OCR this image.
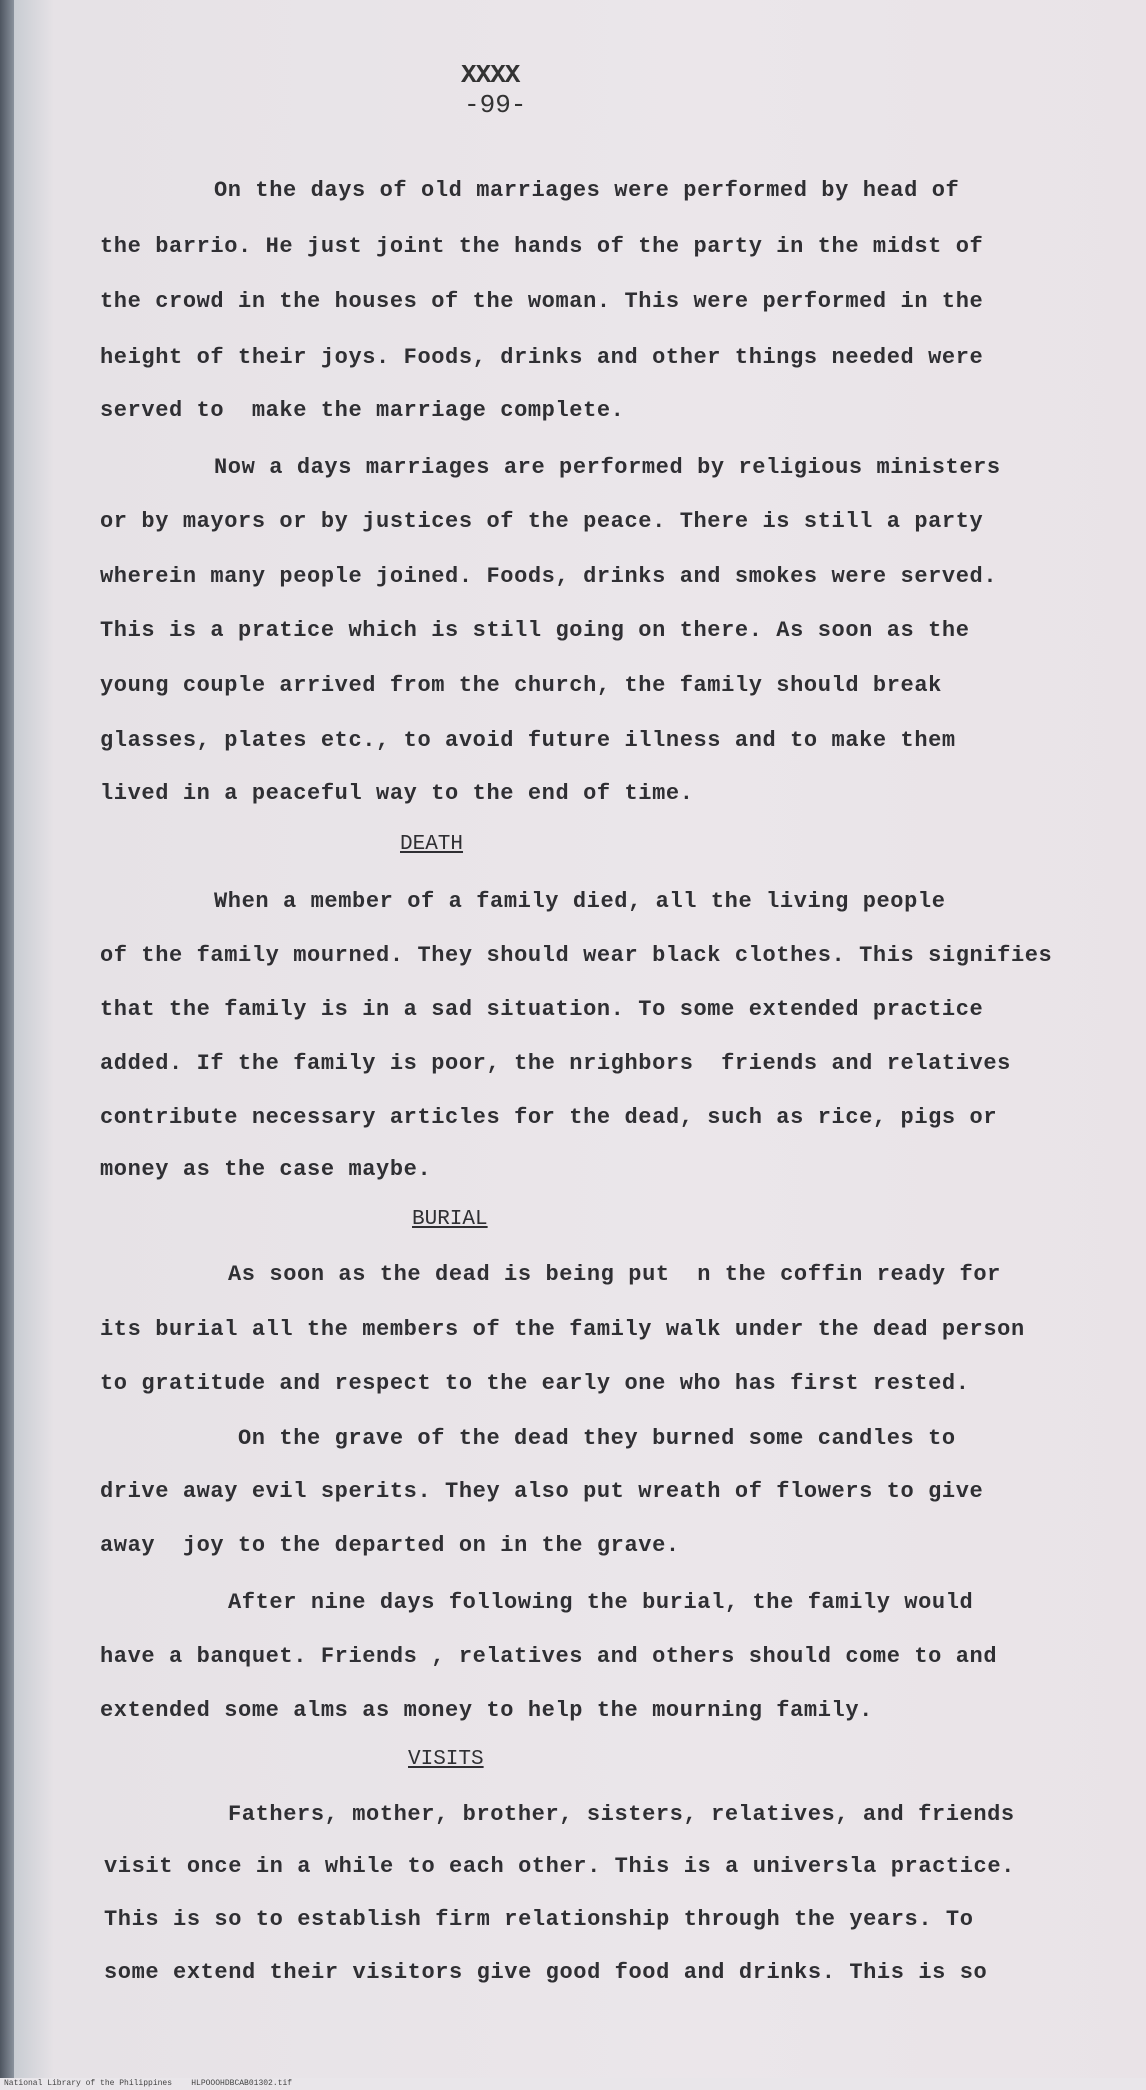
XXXX
-99-
On the days of old marriages were performed by head of
the barrio. He just joint the hands of the party in the midst of
the crowd in the houses of the woman. This were performed in the
height of their joys. Foods, drinks and other things needed were
served to  make the marriage complete.
Now a days marriages are performed by religious ministers
or by mayors or by justices of the peace. There is still a party
wherein many people joined. Foods, drinks and smokes were served.
This is a pratice which is still going on there. As soon as the
young couple arrived from the church, the family should break
glasses, plates etc., to avoid future illness and to make them
lived in a peaceful way to the end of time.
DEATH
When a member of a family died, all the living people
of the family mourned. They should wear black clothes. This signifies
that the family is in a sad situation. To some extended practice
added. If the family is poor, the nrighbors  friends and relatives
contribute necessary articles for the dead, such as rice, pigs or
money as the case maybe.
BURIAL
As soon as the dead is being put  n the coffin ready for
its burial all the members of the family walk under the dead person
to gratitude and respect to the early one who has first rested.
On the grave of the dead they burned some candles to
drive away evil sperits. They also put wreath of flowers to give
away  joy to the departed on in the grave.
After nine days following the burial, the family would
have a banquet. Friends , relatives and others should come to and
extended some alms as money to help the mourning family.
VISITS
Fathers, mother, brother, sisters, relatives, and friends
visit once in a while to each other. This is a universla practice.
This is so to establish firm relationship through the years. To
some extend their visitors give good food and drinks. This is so
National Library of the Philippines    HLPOOOHDBCAB01302.tif
